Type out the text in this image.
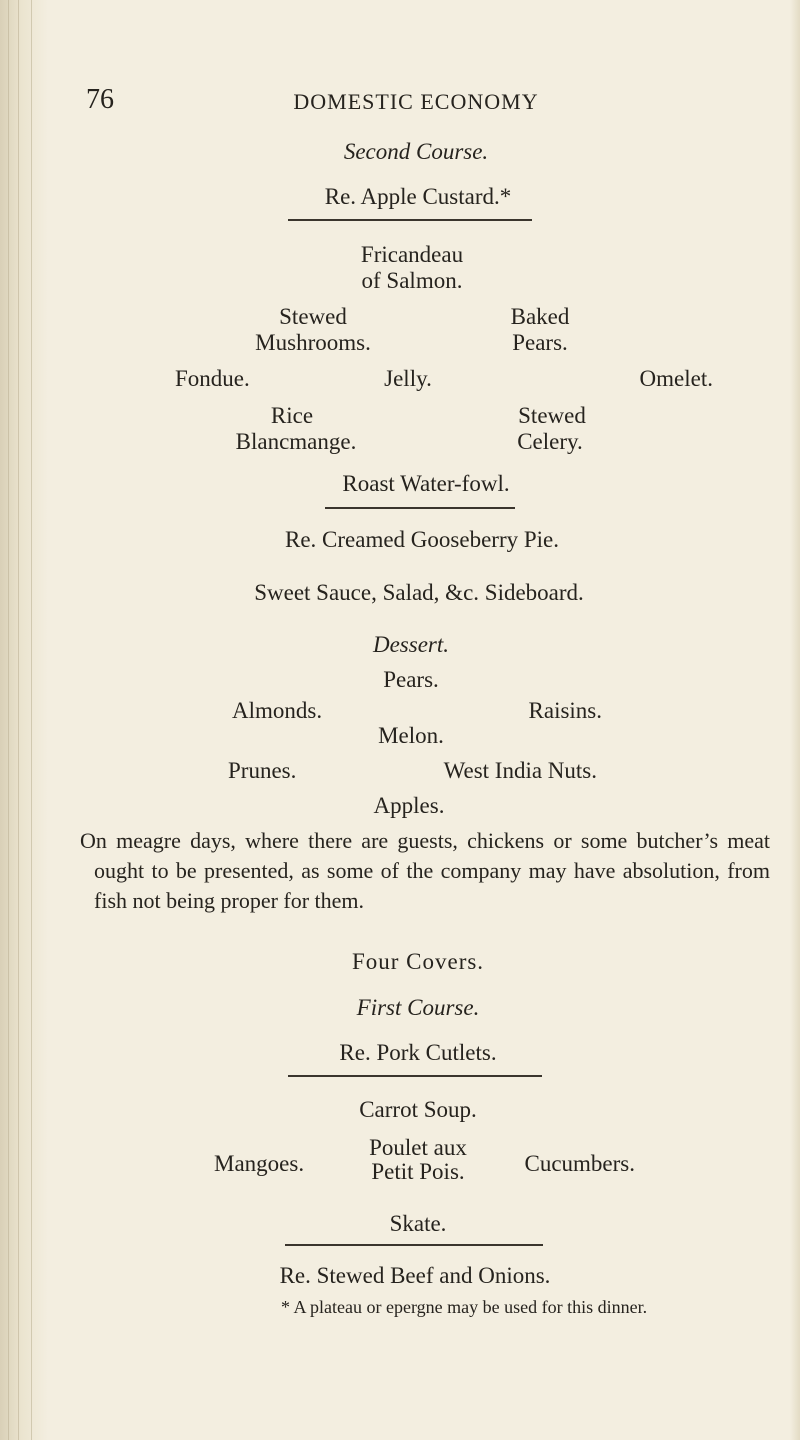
76	DOMESTIC ECONOMY
Second Course.
Re. Apple Custard.*
Fricandeau
of Salmon.
Stewed
Mushrooms.
Baked
Pears.
Fondue.	Jelly.	Omelet.
Rice
Blancmange.
Stewed
Celery.
Roast Water-fowl.
Re. Creamed Gooseberry Pie.
Sweet Sauce, Salad, &c. Sideboard.
Dessert.
Pears.
Almonds.	Raisins.
Melon.
Prunes.	West India Nuts.
Apples.
On meagre days, where there are guests, chickens or some butcher’s meat ought to be presented, as some of the company may have absolution, from fish not being proper for them.
Four Covers.
First Course.
Re. Pork Cutlets.
Carrot Soup.
Mangoes.
Poulet aux
Petit Pois.	Cucumbers.
Skate.
Re. Stewed Beef and Onions.
* A plateau or epergne may be used for this dinner.
